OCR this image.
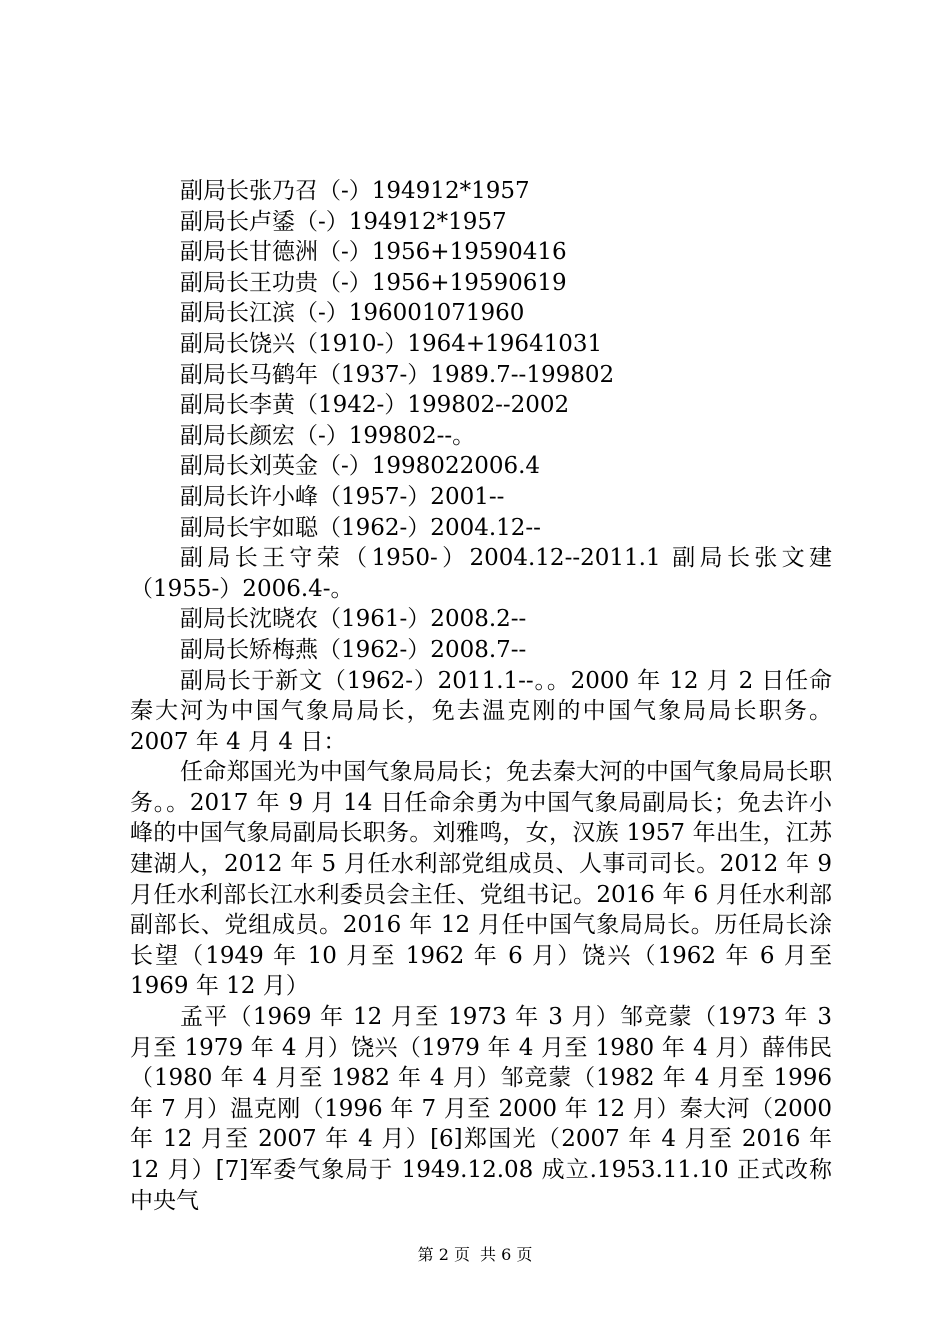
副局长张乃召（-）194912*1957

副局长卢鋈（-）194912*1957

副局长甘德洲（-）1956+19590416

副局长王功贵（-）1956+19590619

副局长江滨（-）196001071960

副局长饶兴（1910-）1964+19641031

副局长马鹤年（1937-）1989.7--199802

副局长李黄（1942-）199802--2002

副局长颜宏（-）199802--。

副局长刘英金（-）1998022006.4

副局长许小峰（1957-）2001--

副局长宇如聪（1962-）2004.12--

副局长王守荣（1950-）2004.12--2011.1 副局长张文建（1955-）2006.4-。

副局长沈晓农（1961-）2008.2--

副局长矫梅燕（1962-）2008.7--

副局长于新文（1962-）2011.1--。。2000 年 12 月 2 日任命秦大河为中国气象局局长，免去温克刚的中国气象局局长职务。2007 年 4 月 4 日：

任命郑国光为中国气象局局长；免去秦大河的中国气象局局长职务。。2017 年 9 月 14 日任命余勇为中国气象局副局长；免去许小峰的中国气象局副局长职务。刘雅鸣，女，汉族 1957 年出生，江苏建湖人，2012 年 5 月任水利部党组成员、人事司司长。2012 年 9 月任水利部长江水利委员会主任、党组书记。2016 年 6 月任水利部副部长、党组成员。2016 年 12 月任中国气象局局长。历任局长涂长望（1949 年 10 月至 1962 年 6 月）饶兴（1962 年 6 月至 1969 年 12 月）

孟平（1969 年 12 月至 1973 年 3 月）邹竞蒙（1973 年 3 月至 1979 年 4 月）饶兴（1979 年 4 月至 1980 年 4 月）薛伟民（1980 年 4 月至 1982 年 4 月）邹竞蒙（1982 年 4 月至 1996 年 7 月）温克刚（1996 年 7 月至 2000 年 12 月）秦大河（2000 年 12 月至 2007 年 4 月）[6]郑国光（2007 年 4 月至 2016 年 12 月）[7]军委气象局于 1949.12.08 成立.1953.11.10 正式改称中央气

第 2 页 共 6 页
